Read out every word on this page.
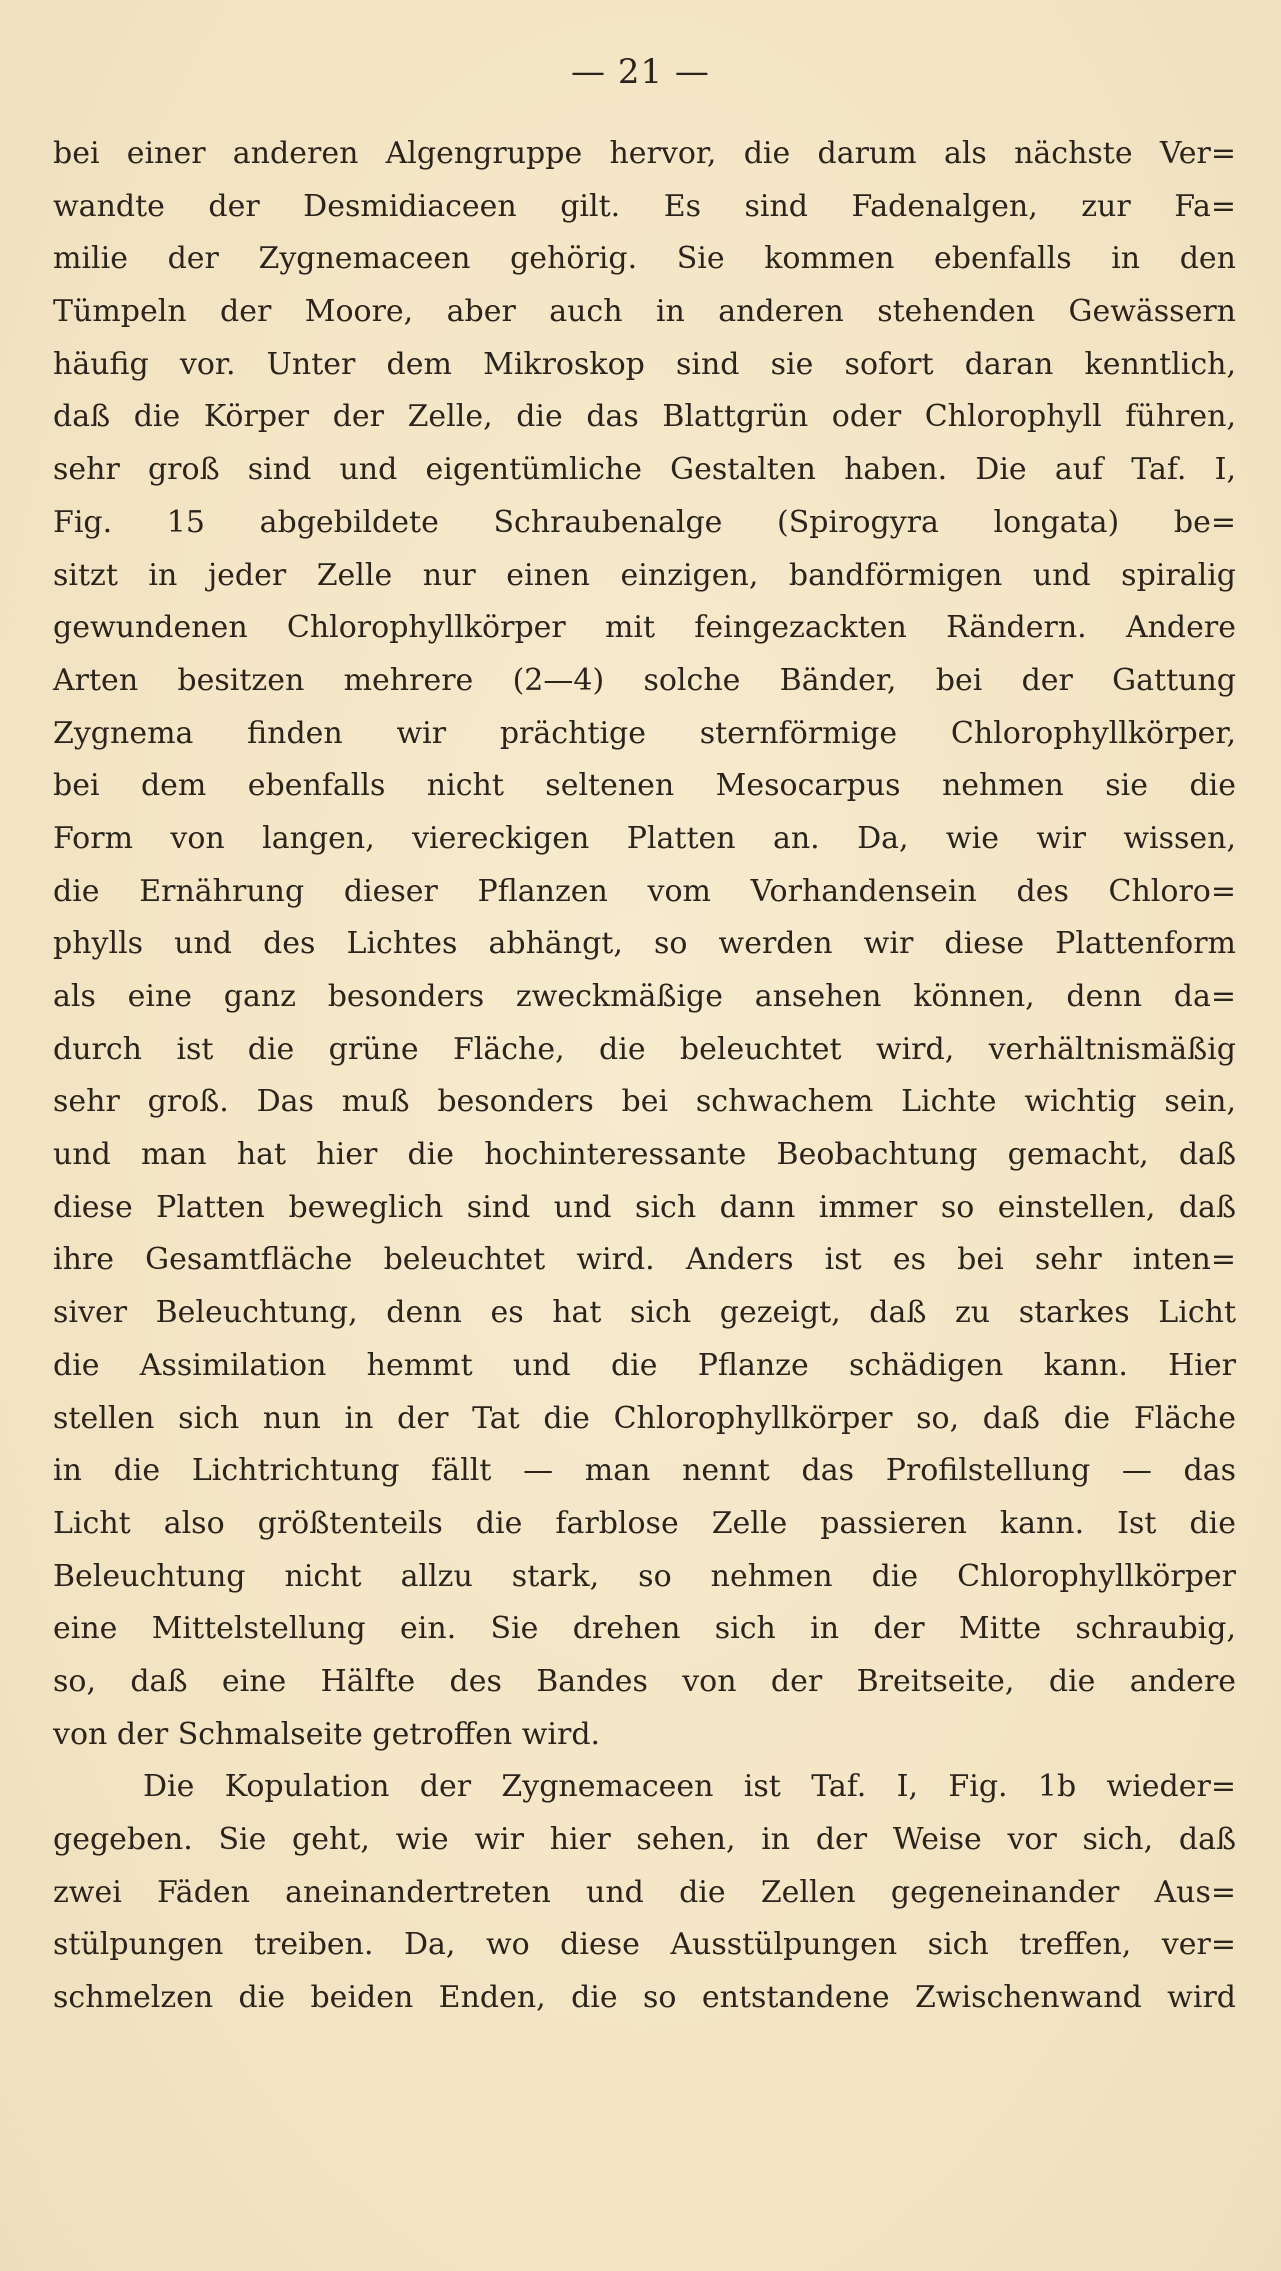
— 21 —
bei einer anderen Algengruppe hervor, die darum als nächste Ver=
wandte der Desmidiaceen gilt. Es sind Fadenalgen, zur Fa=
milie der Zygnemaceen gehörig. Sie kommen ebenfalls in den
Tümpeln der Moore, aber auch in anderen stehenden Gewässern
häufig vor. Unter dem Mikroskop sind sie sofort daran kenntlich,
daß die Körper der Zelle, die das Blattgrün oder Chlorophyll führen,
sehr groß sind und eigentümliche Gestalten haben. Die auf Taf. I,
Fig. 15 abgebildete Schraubenalge (Spirogyra longata) be=
sitzt in jeder Zelle nur einen einzigen, bandförmigen und spiralig
gewundenen Chlorophyllkörper mit feingezackten Rändern. Andere
Arten besitzen mehrere (2—4) solche Bänder, bei der Gattung
Zygnema finden wir prächtige sternförmige Chlorophyllkörper,
bei dem ebenfalls nicht seltenen Mesocarpus nehmen sie die
Form von langen, viereckigen Platten an. Da, wie wir wissen,
die Ernährung dieser Pflanzen vom Vorhandensein des Chloro=
phylls und des Lichtes abhängt, so werden wir diese Plattenform
als eine ganz besonders zweckmäßige ansehen können, denn da=
durch ist die grüne Fläche, die beleuchtet wird, verhältnismäßig
sehr groß. Das muß besonders bei schwachem Lichte wichtig sein,
und man hat hier die hochinteressante Beobachtung gemacht, daß
diese Platten beweglich sind und sich dann immer so einstellen, daß
ihre Gesamtfläche beleuchtet wird. Anders ist es bei sehr inten=
siver Beleuchtung, denn es hat sich gezeigt, daß zu starkes Licht
die Assimilation hemmt und die Pflanze schädigen kann. Hier
stellen sich nun in der Tat die Chlorophyllkörper so, daß die Fläche
in die Lichtrichtung fällt — man nennt das Profilstellung — das
Licht also größtenteils die farblose Zelle passieren kann. Ist die
Beleuchtung nicht allzu stark, so nehmen die Chlorophyllkörper
eine Mittelstellung ein. Sie drehen sich in der Mitte schraubig,
so, daß eine Hälfte des Bandes von der Breitseite, die andere
von der Schmalseite getroffen wird.
Die Kopulation der Zygnemaceen ist Taf. I, Fig. 1b wieder=
gegeben. Sie geht, wie wir hier sehen, in der Weise vor sich, daß
zwei Fäden aneinandertreten und die Zellen gegeneinander Aus=
stülpungen treiben. Da, wo diese Ausstülpungen sich treffen, ver=
schmelzen die beiden Enden, die so entstandene Zwischenwand wird
